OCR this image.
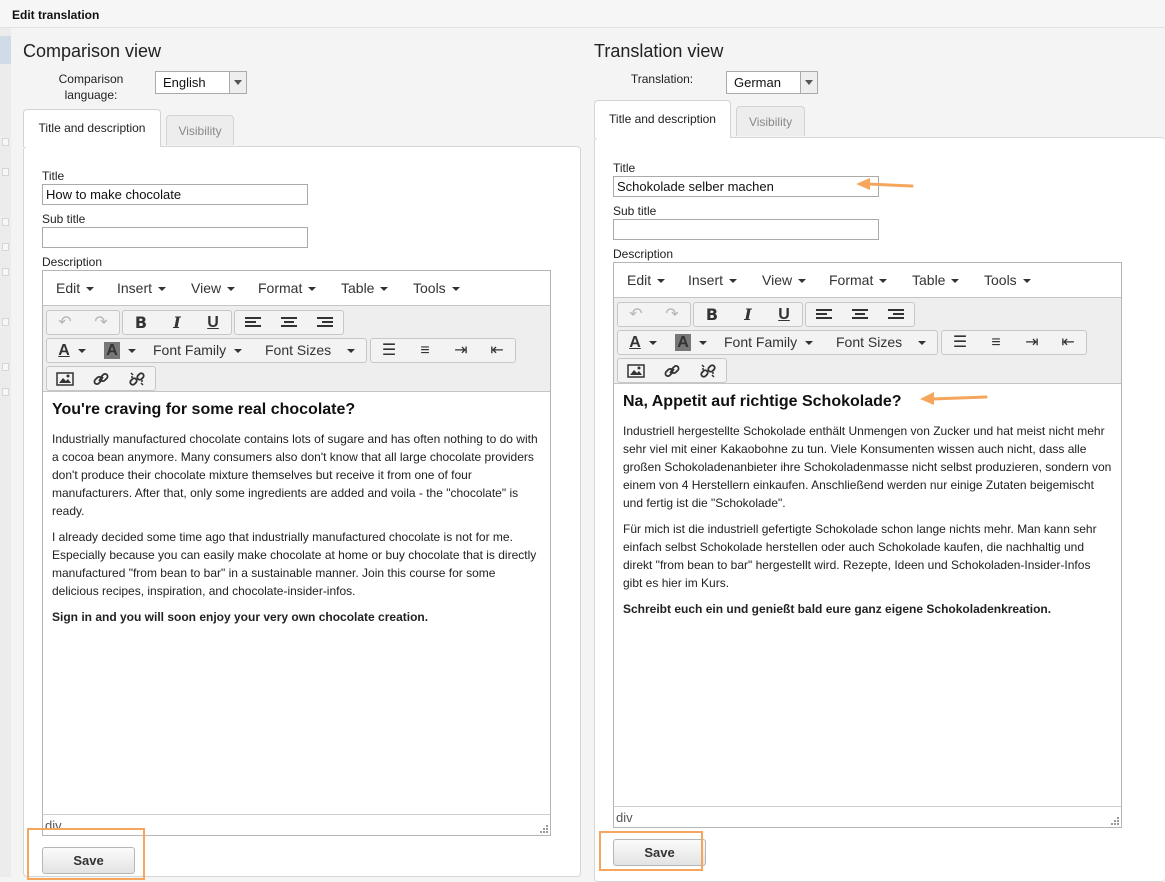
Edit translation
Comparison view
Comparison language:
English
Title and description	Visibility
Title
How to make chocolate
Sub title
Description
Edit	Insert	View	Format	Table	Tools
↶	↷	B	I	U
A	A	Font Family	Font Sizes	☰	≡	⇥	⇤
You're craving for some real chocolate?

Industrially manufactured chocolate contains lots of sugare and has often nothing to do with a cocoa bean anymore. Many consumers also don't know that all large chocolate providers don't produce their chocolate mixture themselves but receive it from one of four manufacturers. After that, only some ingredients are added and voila - the "chocolate" is ready.

I already decided some time ago that industrially manufactured chocolate is not for me. Especially because you can easily make chocolate at home or buy chocolate that is directly manufactured "from bean to bar" in a sustainable manner. Join this course for some delicious recipes, inspiration, and chocolate-insider-infos.

Sign in and you will soon enjoy your very own chocolate creation.

div
Save
Translation view
Translation:	German
Title and description	Visibility
Title
Schokolade selber machen
Sub title
Description
Edit	Insert	View	Format	Table	Tools
↶	↷	B	I	U
A	A	Font Family	Font Sizes	☰	≡	⇥	⇤
Na, Appetit auf richtige Schokolade?

Industriell hergestellte Schokolade enthält Unmengen von Zucker und hat meist nicht mehr sehr viel mit einer Kakaobohne zu tun. Viele Konsumenten wissen auch nicht, dass alle großen Schokoladenanbieter ihre Schokoladenmasse nicht selbst produzieren, sondern von einem von 4 Herstellern einkaufen. Anschließend werden nur einige Zutaten beigemischt und fertig ist die "Schokolade".

Für mich ist die industriell gefertigte Schokolade schon lange nichts mehr. Man kann sehr einfach selbst Schokolade herstellen oder auch Schokolade kaufen, die nachhaltig und direkt "from bean to bar" hergestellt wird. Rezepte, Ideen und Schokoladen-Insider-Infos gibt es hier im Kurs.

Schreibt euch ein und genießt bald eure ganz eigene Schokoladenkreation.

div
Save
